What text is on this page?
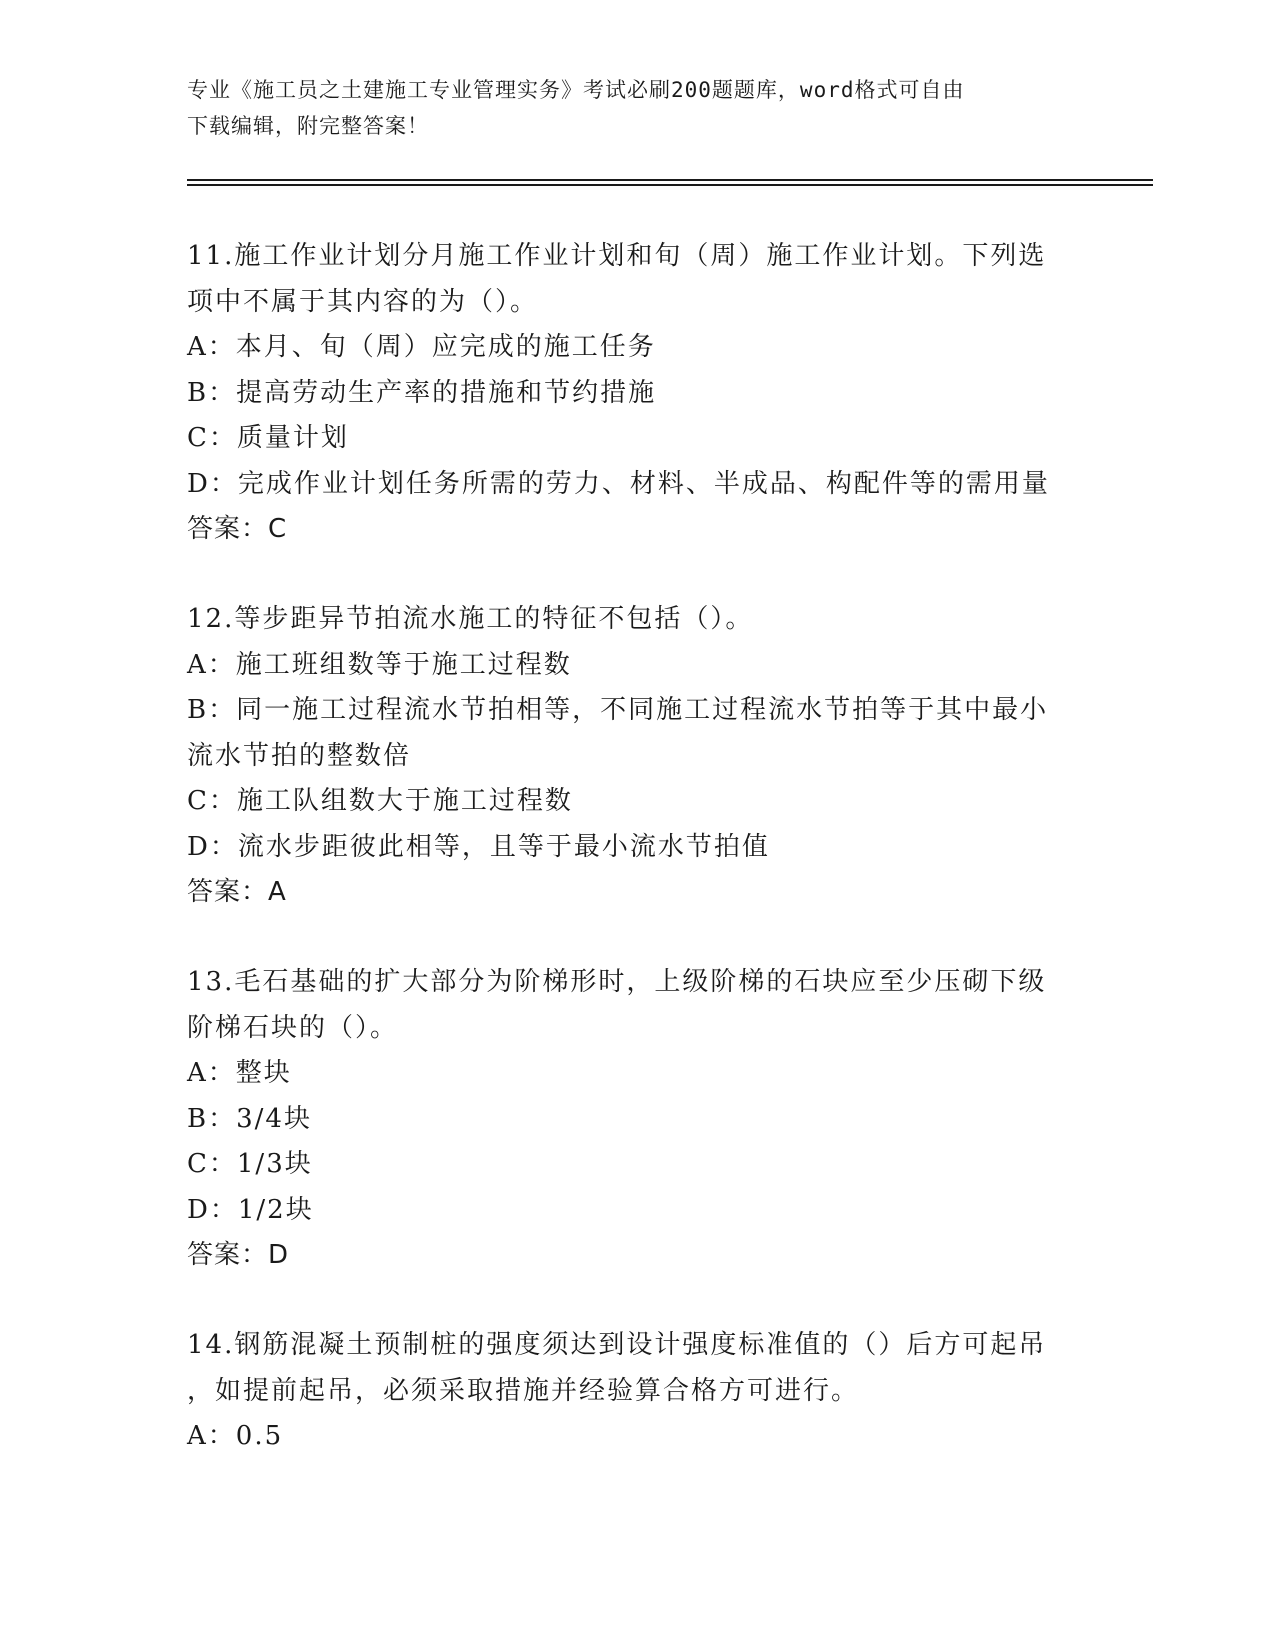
专业《施工员之土建施工专业管理实务》考试必刷200题题库，word格式可自由
下载编辑，附完整答案！
11.施工作业计划分月施工作业计划和旬（周）施工作业计划。下列选
项中不属于其内容的为（）。
A：本月、旬（周）应完成的施工任务
B：提高劳动生产率的措施和节约措施
C：质量计划
D：完成作业计划任务所需的劳力、材料、半成品、构配件等的需用量
答案：C
12.等步距异节拍流水施工的特征不包括（）。
A：施工班组数等于施工过程数
B：同一施工过程流水节拍相等，不同施工过程流水节拍等于其中最小
流水节拍的整数倍
C：施工队组数大于施工过程数
D：流水步距彼此相等，且等于最小流水节拍值
答案：A
13.毛石基础的扩大部分为阶梯形时，上级阶梯的石块应至少压砌下级
阶梯石块的（）。
A：整块
B：3/4块
C：1/3块
D：1/2块
答案：D
14.钢筋混凝土预制桩的强度须达到设计强度标准值的（）后方可起吊
，如提前起吊，必须采取措施并经验算合格方可进行。
A：0.5
